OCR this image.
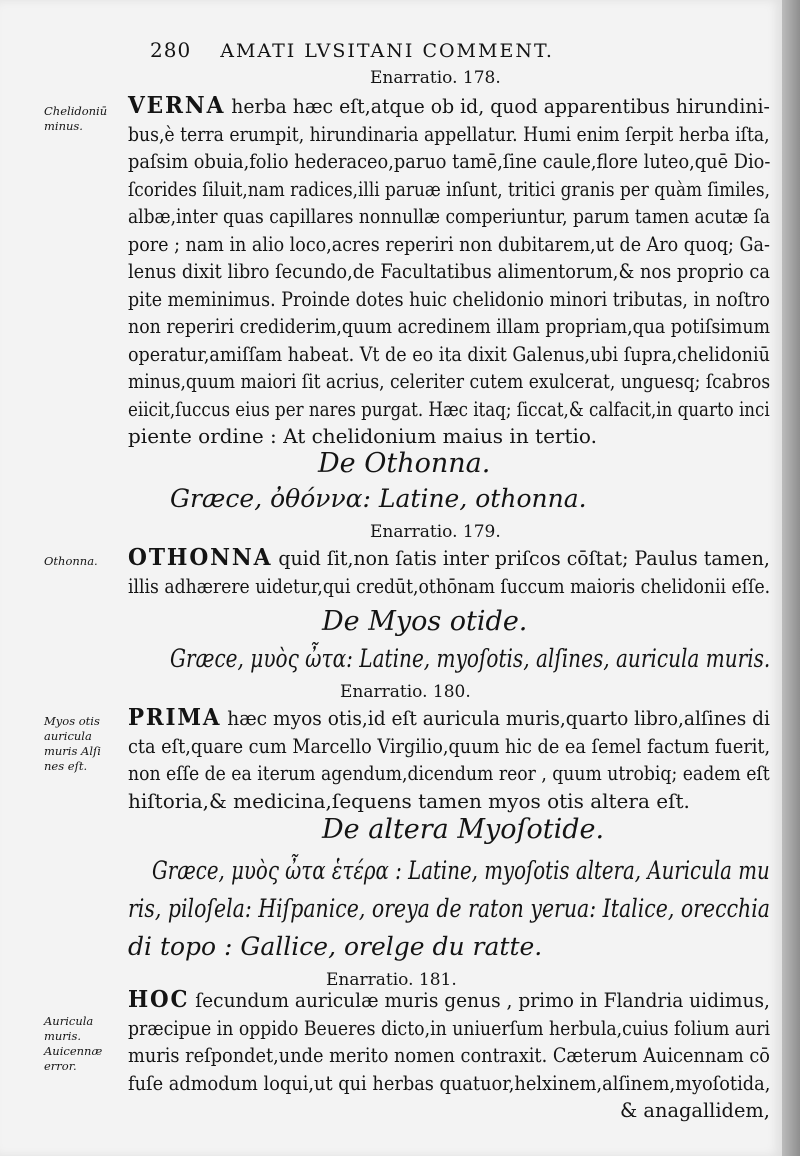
280 AMATI LVSITANI COMMENT.
Enarratio. 178.
Chelidoniū
minus.
VERNA herba hæc eſt,atque ob id, quod apparentibus hirundini-
bus,è terra erumpit, hirundinaria appellatur. Humi enim ſerpit herba iſta,
paſsim obuia,folio hederaceo,paruo tamē,ſine caule,flore luteo,quē Dio-
ſcorides ſiluit,nam radices,illi paruæ inſunt, tritici granis per quàm ſimiles,
albæ,inter quas capillares nonnullæ comperiuntur, parum tamen acutæ ſa
pore ; nam in alio loco,acres reperiri non dubitarem,ut de Aro quoq; Ga-
lenus dixit libro ſecundo,de Facultatibus alimentorum,& nos proprio ca
pite meminimus. Proinde dotes huic chelidonio minori tributas, in noſtro
non reperiri crediderim,quum acredinem illam propriam,qua potiſsimum
operatur,amiſſam habeat. Vt de eo ita dixit Galenus,ubi ſupra,chelidoniū
minus,quum maiori ſit acrius, celeriter cutem exulcerat, unguesq; ſcabros
eiicit,ſuccus eius per nares purgat. Hæc itaq; ſiccat,& calfacit,in quarto inci
piente ordine : At chelidonium maius in tertio.
De Othonna.
Græce, ὀθόννα: Latine, othonna.
Enarratio. 179.
Othonna. OTHONNA quid ſit,non ſatis inter priſcos cōſtat; Paulus tamen,
illis adhærere uidetur,qui credūt,othōnam ſuccum maioris chelidonii eſſe.
De Myos otide.
Græce, μυὸς ὦτα: Latine, myoſotis, alſines, auricula muris.
Enarratio. 180.
Myos otis
auricula
muris Alſi
nes eſt.
PRIMA hæc myos otis,id eſt auricula muris,quarto libro,alſines di
cta eſt,quare cum Marcello Virgilio,quum hic de ea ſemel factum fuerit,
non eſſe de ea iterum agendum,dicendum reor , quum utrobiq; eadem eſt
hiſtoria,& medicina,ſequens tamen myos otis altera eſt.
De altera Myoſotide.
Græce, μυὸς ὦτα ἑτέρα : Latine, myoſotis altera, Auricula mu
ris, piloſela: Hiſpanice, oreya de raton yerua: Italice, orecchia
di topo : Gallice, orelge du ratte.
Enarratio. 181.
Auricula
muris.
Auicennæ
error.
HOC ſecundum auriculæ muris genus , primo in Flandria uidimus,
præcipue in oppido Beueres dicto,in uniuerſum herbula,cuius folium auri
muris reſpondet,unde merito nomen contraxit. Cæterum Auicennam cō
fuſe admodum loqui,ut qui herbas quatuor,helxinem,alſinem,myoſotida,
& anagallidem,
